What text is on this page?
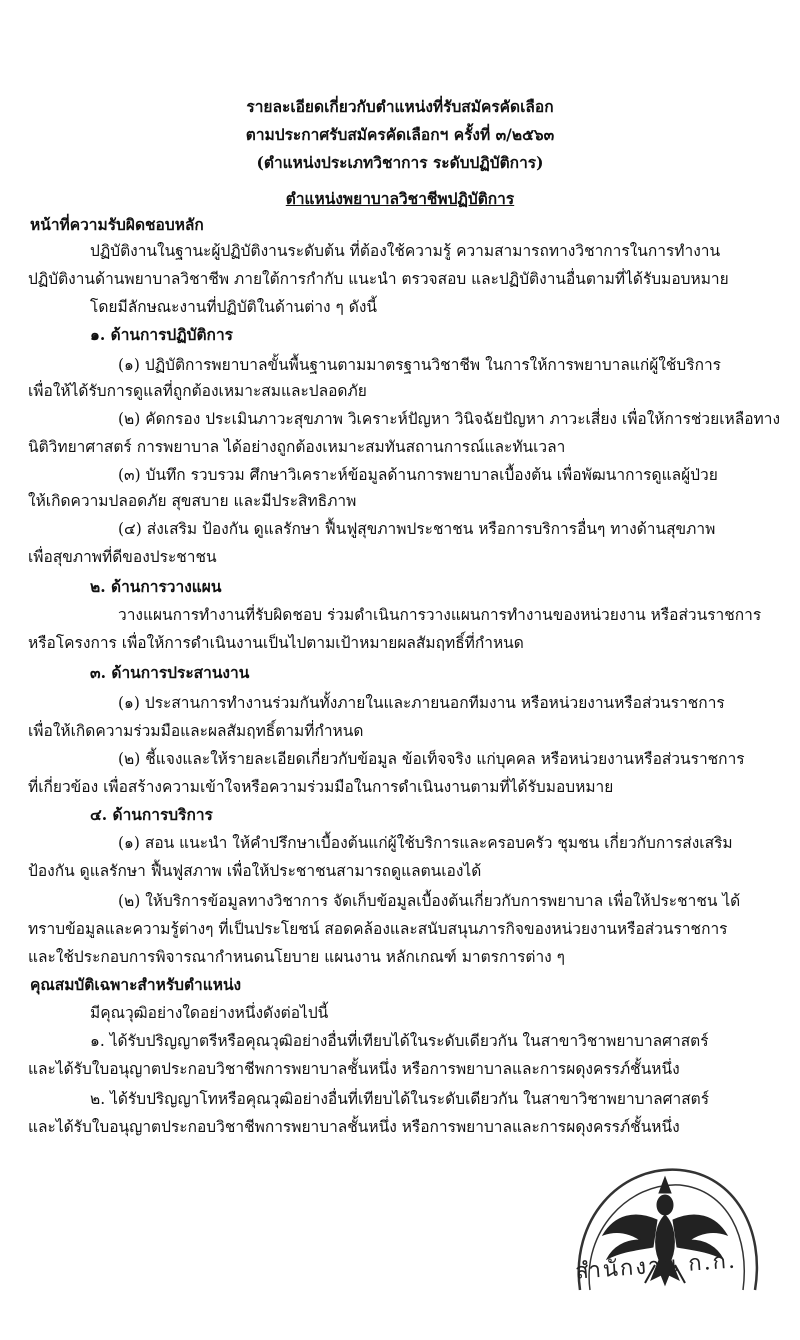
รายละเอียดเกี่ยวกับตำแหน่งที่รับสมัครคัดเลือก
ตามประกาศรับสมัครคัดเลือกฯ ครั้งที่ ๓/๒๕๖๓
(ตำแหน่งประเภทวิชาการ ระดับปฏิบัติการ)
ตำแหน่งพยาบาลวิชาชีพปฏิบัติการ
หน้าที่ความรับผิดชอบหลัก
ปฏิบัติงานในฐานะผู้ปฏิบัติงานระดับต้น ที่ต้องใช้ความรู้ ความสามารถทางวิชาการในการทำงาน
ปฏิบัติงานด้านพยาบาลวิชาชีพ ภายใต้การกำกับ แนะนำ ตรวจสอบ และปฏิบัติงานอื่นตามที่ได้รับมอบหมาย
โดยมีลักษณะงานที่ปฏิบัติในด้านต่าง ๆ ดังนี้
๑. ด้านการปฏิบัติการ
(๑) ปฏิบัติการพยาบาลขั้นพื้นฐานตามมาตรฐานวิชาชีพ ในการให้การพยาบาลแก่ผู้ใช้บริการ
เพื่อให้ได้รับการดูแลที่ถูกต้องเหมาะสมและปลอดภัย
(๒) คัดกรอง ประเมินภาวะสุขภาพ วิเคราะห์ปัญหา วินิจฉัยปัญหา ภาวะเสี่ยง เพื่อให้การช่วยเหลือทาง
นิติวิทยาศาสตร์ การพยาบาล ได้อย่างถูกต้องเหมาะสมทันสถานการณ์และทันเวลา
(๓) บันทึก รวบรวม ศึกษาวิเคราะห์ข้อมูลด้านการพยาบาลเบื้องต้น เพื่อพัฒนาการดูแลผู้ป่วย
ให้เกิดความปลอดภัย สุขสบาย และมีประสิทธิภาพ
(๔) ส่งเสริม ป้องกัน ดูแลรักษา ฟื้นฟูสุขภาพประชาชน หรือการบริการอื่นๆ ทางด้านสุขภาพ
เพื่อสุขภาพที่ดีของประชาชน
๒. ด้านการวางแผน
วางแผนการทำงานที่รับผิดชอบ ร่วมดำเนินการวางแผนการทำงานของหน่วยงาน หรือส่วนราชการ
หรือโครงการ เพื่อให้การดำเนินงานเป็นไปตามเป้าหมายผลสัมฤทธิ์ที่กำหนด
๓. ด้านการประสานงาน
(๑) ประสานการทำงานร่วมกันทั้งภายในและภายนอกทีมงาน หรือหน่วยงานหรือส่วนราชการ
เพื่อให้เกิดความร่วมมือและผลสัมฤทธิ์ตามที่กำหนด
(๒) ชี้แจงและให้รายละเอียดเกี่ยวกับข้อมูล ข้อเท็จจริง แก่บุคคล หรือหน่วยงานหรือส่วนราชการ
ที่เกี่ยวข้อง เพื่อสร้างความเข้าใจหรือความร่วมมือในการดำเนินงานตามที่ได้รับมอบหมาย
๔. ด้านการบริการ
(๑) สอน แนะนำ ให้คำปรึกษาเบื้องต้นแก่ผู้ใช้บริการและครอบครัว ชุมชน เกี่ยวกับการส่งเสริม
ป้องกัน ดูแลรักษา ฟื้นฟูสภาพ เพื่อให้ประชาชนสามารถดูแลตนเองได้
(๒) ให้บริการข้อมูลทางวิชาการ จัดเก็บข้อมูลเบื้องต้นเกี่ยวกับการพยาบาล เพื่อให้ประชาชน ได้
ทราบข้อมูลและความรู้ต่างๆ ที่เป็นประโยชน์ สอดคล้องและสนับสนุนภารกิจของหน่วยงานหรือส่วนราชการ
และใช้ประกอบการพิจารณากำหนดนโยบาย แผนงาน หลักเกณฑ์ มาตรการต่าง ๆ
คุณสมบัติเฉพาะสำหรับตำแหน่ง
มีคุณวุฒิอย่างใดอย่างหนึ่งดังต่อไปนี้
๑. ได้รับปริญญาตรีหรือคุณวุฒิอย่างอื่นที่เทียบได้ในระดับเดียวกัน ในสาขาวิชาพยาบาลศาสตร์
และได้รับใบอนุญาตประกอบวิชาชีพการพยาบาลชั้นหนึ่ง หรือการพยาบาลและการผดุงครรภ์ชั้นหนึ่ง
๒. ได้รับปริญญาโทหรือคุณวุฒิอย่างอื่นที่เทียบได้ในระดับเดียวกัน ในสาขาวิชาพยาบาลศาสตร์
และได้รับใบอนุญาตประกอบวิชาชีพการพยาบาลชั้นหนึ่ง หรือการพยาบาลและการผดุงครรภ์ชั้นหนึ่ง
สำนักงาน ก.ก.
